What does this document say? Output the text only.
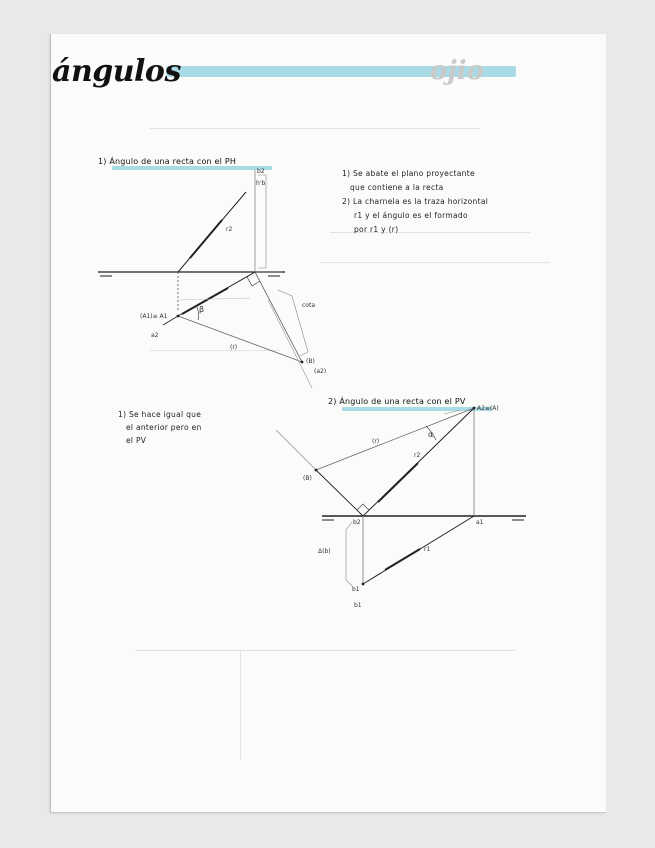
ojio
ángulos
1) Ángulo de una recta con el PH
1) Se abate el plano proyectante
que contiene a la recta
2) La charnela es la traza horizontal
r1 y el ángulo es el formado
por r1 y (r)
2) Ángulo de una recta con el PV
1) Se hace igual que
el anterior pero en
el PV
b2
h'b
r2
(A1)≡ A1
β
a2
(r)
(B)
(a2)
cota
A2≡(A)
(r)
α
r2
(B)
b2	a1
Δ(b)	r1
b1
b1
